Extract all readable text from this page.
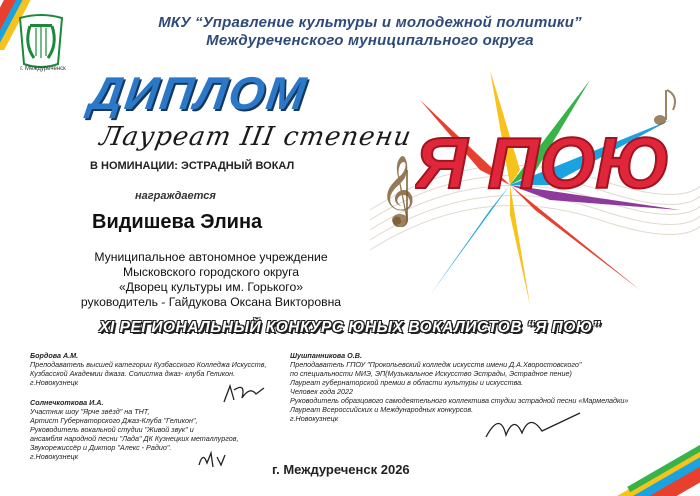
𝄞 Я ПОЮ
г. Междуреченск
МКУ “Управление культуры и молодежной политики”
Междуреченского муниципального округа
ДИПЛОМ
Лауреат III степени
В НОМИНАЦИИ: ЭСТРАДНЫЙ ВОКАЛ
награждается
Видишева Элина
Муниципальное автономное учреждение
Мысковского городского округа
«Дворец культуры им. Горького»
руководитель - Гайдукова Оксана Викторовна
XI РЕГИОНАЛЬНЫЙ КОНКУРС ЮНЫХ ВОКАЛИСТОВ “Я ПОЮ”
Бордова А.М.
Преподаватель высшей категории Кузбасского Колледжа Искусств,
Кузбасской Академии джаза. Солистка джаз- клуба Геликон.
г.Новокузнецк
Солнечкоткова И.А.
Участник шоу "Ярче звёзд" на ТНТ,
Артист Губернаторского Джаз-Клуба "Геликон",
Руководитель вокальной студии "Живой звук" и
ансамбля народной песни "Лада" ДК Кузнецких металлургов,
Звукорежиссёр и Диктор "Алекс - Радио".
г.Новокузнецк
Шушпанникова О.В.
Преподаватель ГПОУ "Прокопьевский колледж искусств имени Д.А.Хворостовского"
по специальности МИЭ, ЭП(Музыкальное Искусство Эстрады, Эстрадное пение)
Лауреат губернаторской премии в области культуры и искусства.
Человек года 2022
Руководитель образцового самодеятельного коллектива студии эстрадной песни «Мармеладки»
Лауреат Всероссийских и Международных конкурсов.
г.Новокузнецк
г. Междуреченск 2026
